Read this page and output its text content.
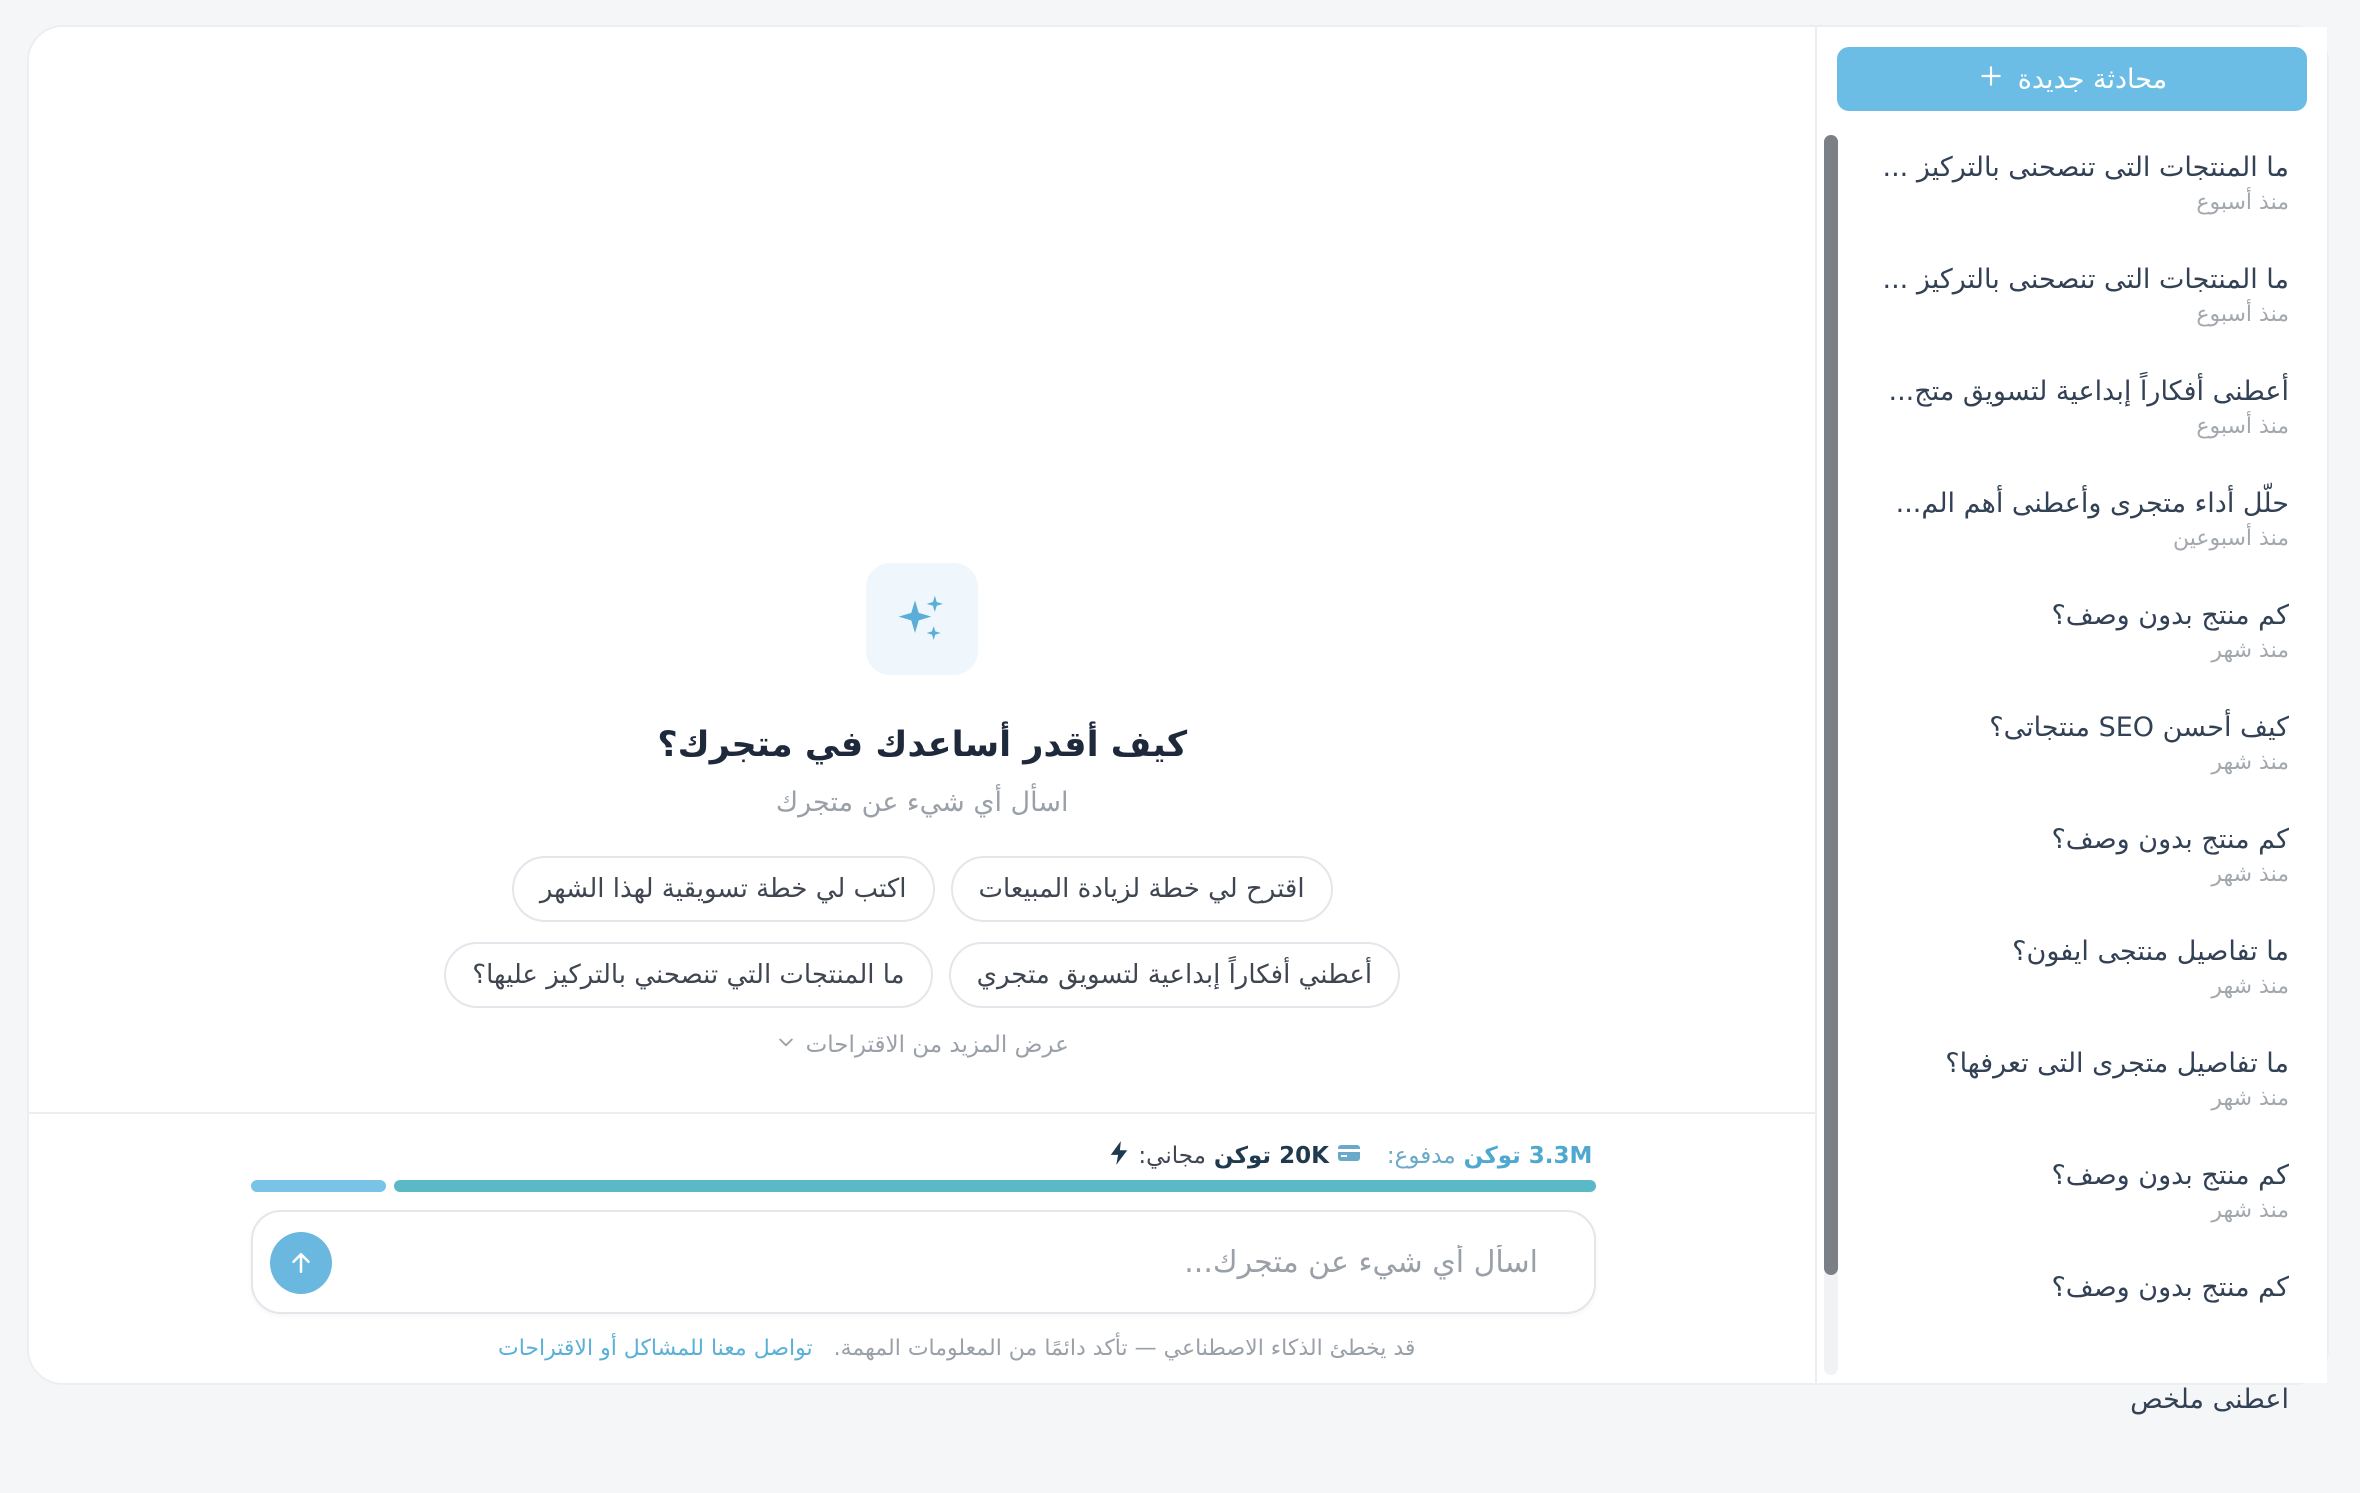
كيف أقدر أساعدك في متجرك؟
اسأل أي شيء عن متجرك
اقترح لي خطة لزيادة المبيعات
اكتب لي خطة تسويقية لهذا الشهر
أعطني أفكاراً إبداعية لتسويق متجري
ما المنتجات التي تنصحني بالتركيز عليها؟
عرض المزيد من الاقتراحات
مجاني: 20K توكن	مدفوع: 3.3M توكن
اسأل أي شيء عن متجرك...
قد يخطئ الذكاء الاصطناعي — تأكد دائمًا من المعلومات المهمة. تواصل معنا للمشاكل أو الاقتراحات
محادثة جديدة
ما المنتجات التى تنصحنى بالتركيز ...
منذ أسبوع
ما المنتجات التى تنصحنى بالتركيز ...
منذ أسبوع
أعطنى أفكاراً إبداعية لتسويق متج...
منذ أسبوع
حلّل أداء متجرى وأعطنى أهم الم...
منذ أسبوعين
كم منتج بدون وصف؟
منذ شهر
كيف أحسن SEO منتجاتى؟
منذ شهر
كم منتج بدون وصف؟
منذ شهر
ما تفاصيل منتجى ايفون؟
منذ شهر
ما تفاصيل متجرى التى تعرفها؟
منذ شهر
كم منتج بدون وصف؟
منذ شهر
كم منتج بدون وصف؟
اعطنى ملخص
